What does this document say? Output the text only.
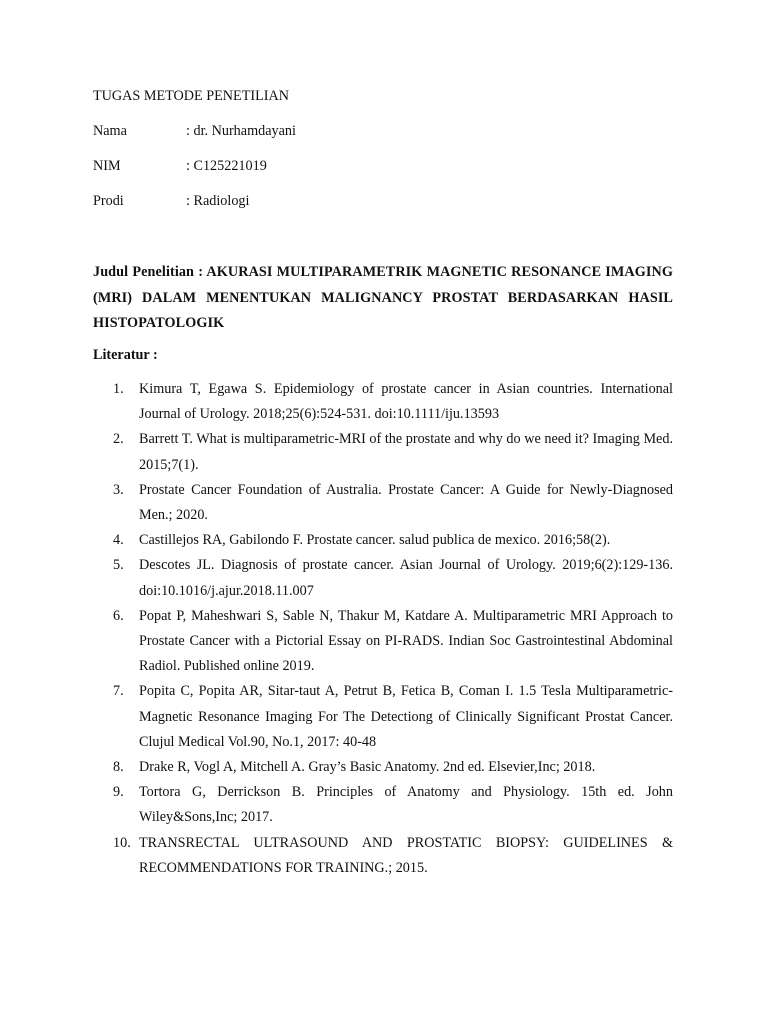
TUGAS METODE PENETILIAN
Nama	: dr. Nurhamdayani
NIM	: C125221019
Prodi	: Radiologi
Judul Penelitian : AKURASI MULTIPARAMETRIK MAGNETIC RESONANCE IMAGING (MRI) DALAM MENENTUKAN MALIGNANCY PROSTAT BERDASARKAN HASIL HISTOPATOLOGIK
Literatur :
1. Kimura T, Egawa S. Epidemiology of prostate cancer in Asian countries. International Journal of Urology. 2018;25(6):524-531. doi:10.1111/iju.13593
2. Barrett T. What is multiparametric-MRI of the prostate and why do we need it? Imaging Med. 2015;7(1).
3. Prostate Cancer Foundation of Australia. Prostate Cancer: A Guide for Newly-Diagnosed Men.; 2020.
4. Castillejos RA, Gabilondo F. Prostate cancer. salud publica de mexico. 2016;58(2).
5. Descotes JL. Diagnosis of prostate cancer. Asian Journal of Urology. 2019;6(2):129-136. doi:10.1016/j.ajur.2018.11.007
6. Popat P, Maheshwari S, Sable N, Thakur M, Katdare A. Multiparametric MRI Approach to Prostate Cancer with a Pictorial Essay on PI-RADS. Indian Soc Gastrointestinal Abdominal Radiol. Published online 2019.
7. Popita C, Popita AR, Sitar-taut A, Petrut B, Fetica B, Coman I. 1.5 Tesla Multiparametric-Magnetic Resonance Imaging For The Detectiong of Clinically Significant Prostat Cancer. Clujul Medical Vol.90, No.1, 2017: 40-48
8. Drake R, Vogl A, Mitchell A. Gray’s Basic Anatomy. 2nd ed. Elsevier,Inc; 2018.
9. Tortora G, Derrickson B. Principles of Anatomy and Physiology. 15th ed. John Wiley&Sons,Inc; 2017.
10. TRANSRECTAL ULTRASOUND AND PROSTATIC BIOPSY: GUIDELINES & RECOMMENDATIONS FOR TRAINING.; 2015.
